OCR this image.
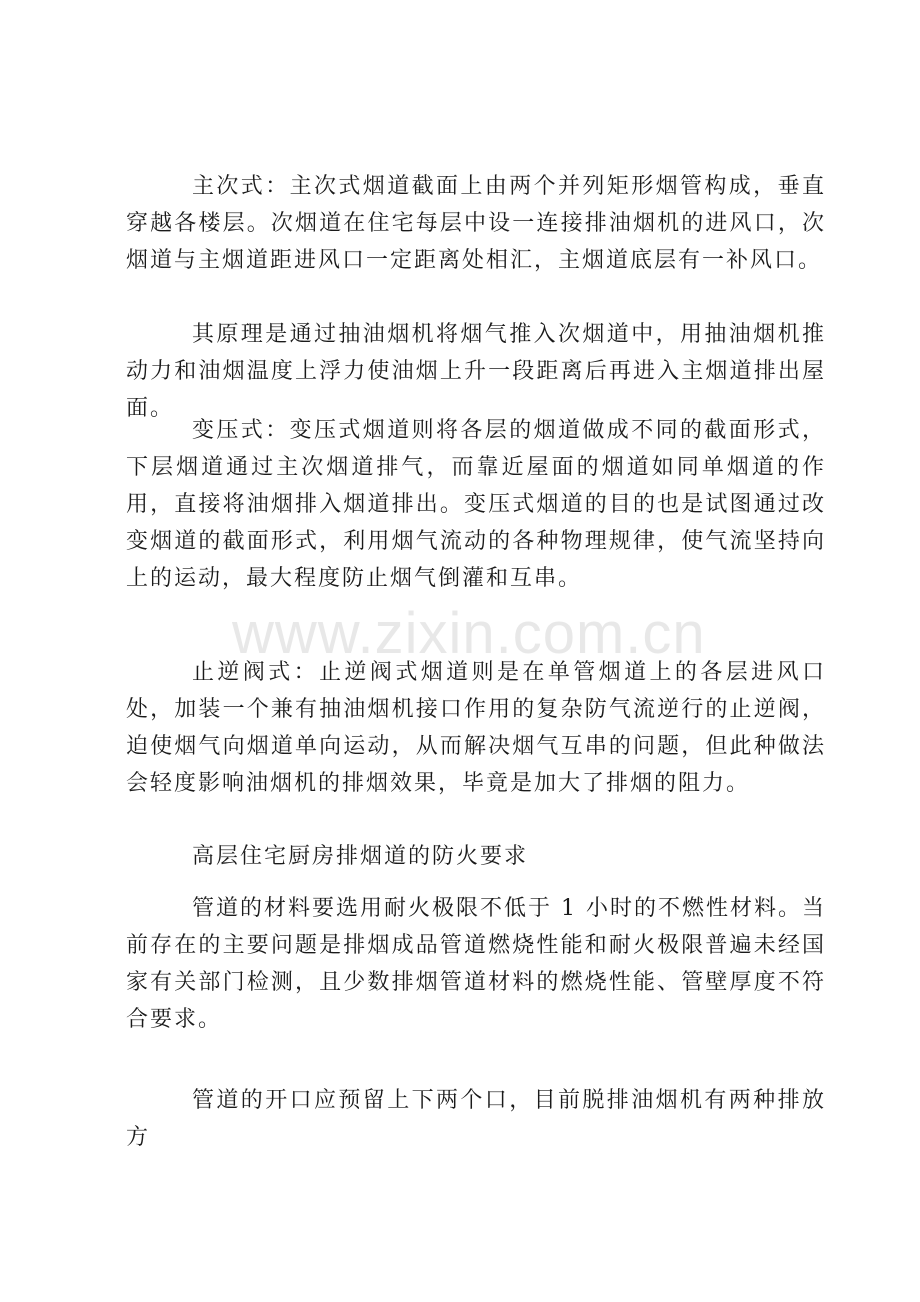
主次式：主次式烟道截面上由两个并列矩形烟管构成，垂直穿越各楼层。次烟道在住宅每层中设一连接排油烟机的进风口，次烟道与主烟道距进风口一定距离处相汇，主烟道底层有一补风口。

其原理是通过抽油烟机将烟气推入次烟道中，用抽油烟机推动力和油烟温度上浮力使油烟上升一段距离后再进入主烟道排出屋面。

变压式：变压式烟道则将各层的烟道做成不同的截面形式，下层烟道通过主次烟道排气，而靠近屋面的烟道如同单烟道的作用，直接将油烟排入烟道排出。变压式烟道的目的也是试图通过改变烟道的截面形式，利用烟气流动的各种物理规律，使气流坚持向上的运动，最大程度防止烟气倒灌和互串。

止逆阀式：止逆阀式烟道则是在单管烟道上的各层进风口处，加装一个兼有抽油烟机接口作用的复杂防气流逆行的止逆阀，迫使烟气向烟道单向运动，从而解决烟气互串的问题，但此种做法会轻度影响油烟机的排烟效果，毕竟是加大了排烟的阻力。

高层住宅厨房排烟道的防火要求

管道的材料要选用耐火极限不低于 1 小时的不燃性材料。当前存在的主要问题是排烟成品管道燃烧性能和耐火极限普遍未经国家有关部门检测，且少数排烟管道材料的燃烧性能、管壁厚度不符合要求。

管道的开口应预留上下两个口，目前脱排油烟机有两种排放方

www.zixin.com.cn
